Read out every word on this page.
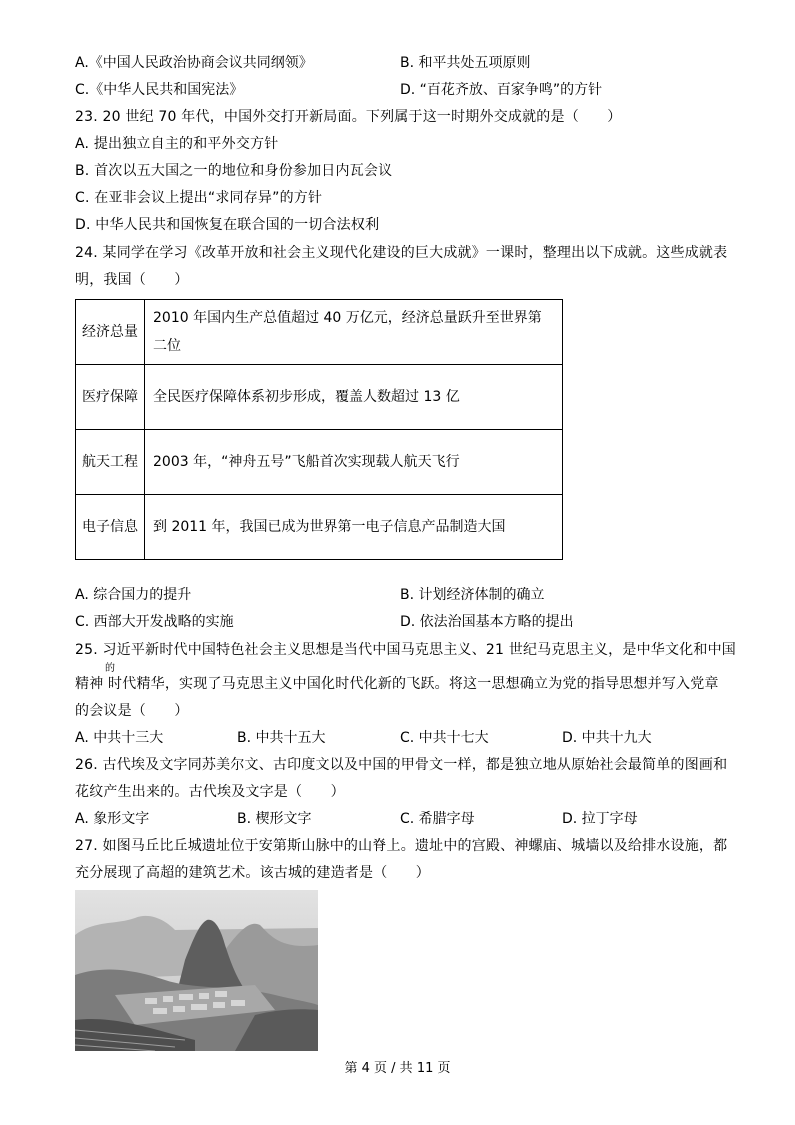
A.《中国人民政治协商会议共同纲领》	B. 和平共处五项原则
C.《中华人民共和国宪法》	D. “百花齐放、百家争鸣”的方针
23. 20 世纪 70 年代，中国外交打开新局面。下列属于这一时期外交成就的是（　　）
A. 提出独立自主的和平外交方针
B. 首次以五大国之一的地位和身份参加日内瓦会议
C. 在亚非会议上提出“求同存异”的方针
D. 中华人民共和国恢复在联合国的一切合法权利
24. 某同学在学习《改革开放和社会主义现代化建设的巨大成就》一课时，整理出以下成就。这些成就表
明，我国（　　）
经济总量	2010 年国内生产总值超过 40 万亿元，经济总量跃升至世界第二位
医疗保障	全民医疗保障体系初步形成，覆盖人数超过 13 亿
航天工程	2003 年，“神舟五号”飞船首次实现载人航天飞行
电子信息	到 2011 年，我国已成为世界第一电子信息产品制造大国
A. 综合国力的提升	B. 计划经济体制的确立
C. 西部大开发战略的实施	D. 依法治国基本方略的提出
25. 习近平新时代中国特色社会主义思想是当代中国马克思主义、21 世纪马克思主义，是中华文化和中国
的
精神 时代精华，实现了马克思主义中国化时代化新的飞跃。将这一思想确立为党的指导思想并写入党章
的会议是（　　）
A. 中共十三大	B. 中共十五大	C. 中共十七大	D. 中共十九大
26. 古代埃及文字同苏美尔文、古印度文以及中国的甲骨文一样，都是独立地从原始社会最简单的图画和
花纹产生出来的。古代埃及文字是（　　）
A. 象形文字	B. 楔形文字	C. 希腊字母	D. 拉丁字母
27. 如图马丘比丘城遗址位于安第斯山脉中的山脊上。遗址中的宫殿、神螺庙、城墙以及给排水设施，都
充分展现了高超的建筑艺术。该古城的建造者是（　　）
第 4 页 / 共 11 页
